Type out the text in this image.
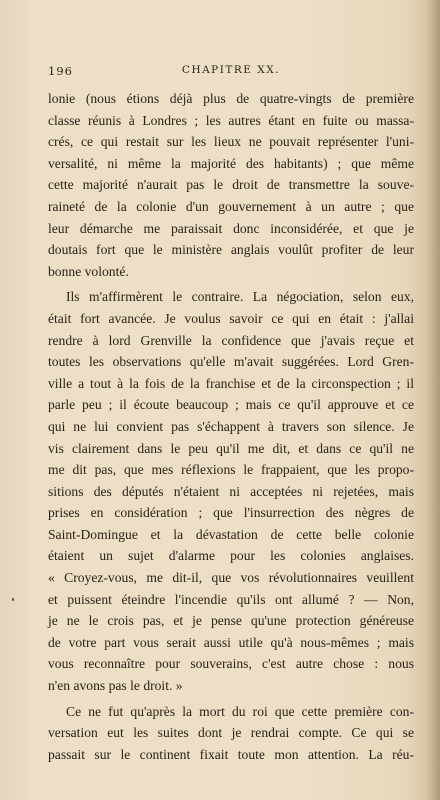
196	CHAPITRE XX.
lonie (nous étions déjà plus de quatre-vingts de première
classe réunis à Londres ; les autres étant en fuite ou massa-
crés, ce qui restait sur les lieux ne pouvait représenter l'uni-
versalité, ni même la majorité des habitants) ; que même
cette majorité n'aurait pas le droit de transmettre la souve-
raineté de la colonie d'un gouvernement à un autre ; que
leur démarche me paraissait donc inconsidérée, et que je
doutais fort que le ministère anglais voulût profiter de leur
bonne volonté.
Ils m'affirmèrent le contraire. La négociation, selon eux,
était fort avancée. Je voulus savoir ce qui en était : j'allai
rendre à lord Grenville la confidence que j'avais reçue et
toutes les observations qu'elle m'avait suggérées. Lord Gren-
ville a tout à la fois de la franchise et de la circonspection ; il
parle peu ; il écoute beaucoup ; mais ce qu'il approuve et ce
qui ne lui convient pas s'échappent à travers son silence. Je
vis clairement dans le peu qu'il me dit, et dans ce qu'il ne
me dit pas, que mes réflexions le frappaient, que les propo-
sitions des députés n'étaient ni acceptées ni rejetées, mais
prises en considération ; que l'insurrection des nègres de
Saint-Domingue et la dévastation de cette belle colonie
étaient un sujet d'alarme pour les colonies anglaises.
« Croyez-vous, me dit-il, que vos révolutionnaires veuillent
et puissent éteindre l'incendie qu'ils ont allumé ? — Non,
je ne le crois pas, et je pense qu'une protection généreuse
de votre part vous serait aussi utile qu'à nous-mêmes ; mais
vous reconnaître pour souverains, c'est autre chose : nous
n'en avons pas le droit. »
Ce ne fut qu'après la mort du roi que cette première con-
versation eut les suites dont je rendrai compte. Ce qui se
passait sur le continent fixait toute mon attention. La réu-
